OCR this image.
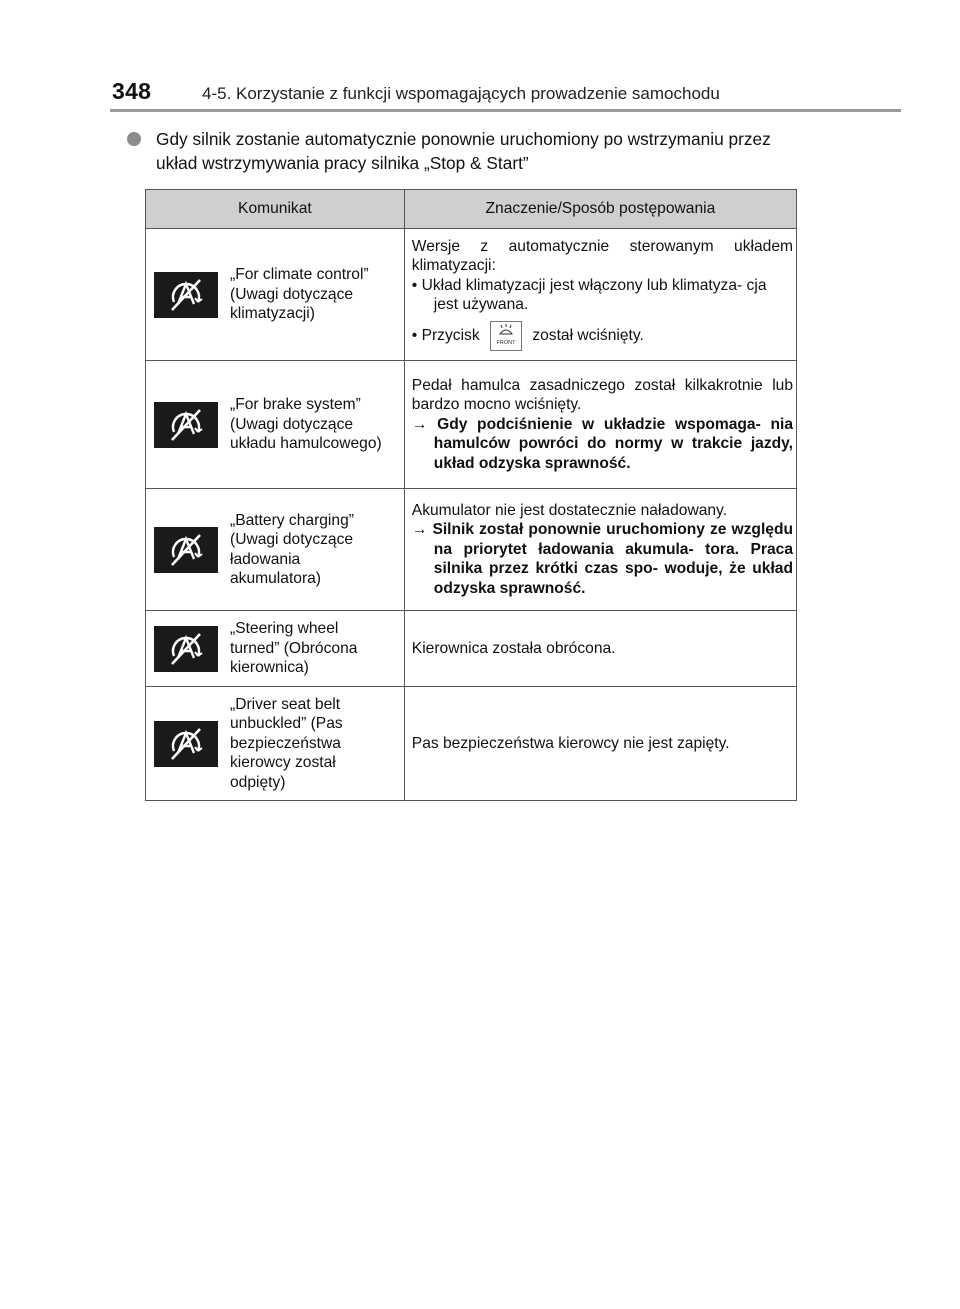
348	4-5. Korzystanie z funkcji wspomagających prowadzenie samochodu
Gdy silnik zostanie automatycznie ponownie uruchomiony po wstrzymaniu przez układ wstrzymywania pracy silnika „Stop & Start”
Komunikat	Znaczenie/Sposób postępowania

„For climate control” (Uwagi dotyczące klimatyzacji)	Wersje z automatycznie sterowanym układem klimatyzacji:
• Układ klimatyzacji jest włączony lub klimatyza- cja jest używana.
• Przycisk FRONT został wciśnięty.

„For brake system” (Uwagi dotyczące układu hamulcowego)	Pedał hamulca zasadniczego został kilkakrotnie lub bardzo mocno wciśnięty.
→ Gdy podciśnienie w układzie wspomaga- nia hamulców powróci do normy w trakcie jazdy, układ odzyska sprawność.

„Battery charging” (Uwagi dotyczące ładowania akumulatora)	Akumulator nie jest dostatecznie naładowany.
→ Silnik został ponownie uruchomiony ze względu na priorytet ładowania akumula- tora. Praca silnika przez krótki czas spo- woduje, że układ odzyska sprawność.

„Steering wheel turned” (Obrócona kierownica)	Kierownica została obrócona.

„Driver seat belt unbuckled” (Pas bezpieczeństwa kierowcy został odpięty)	Pas bezpieczeństwa kierowcy nie jest zapięty.
